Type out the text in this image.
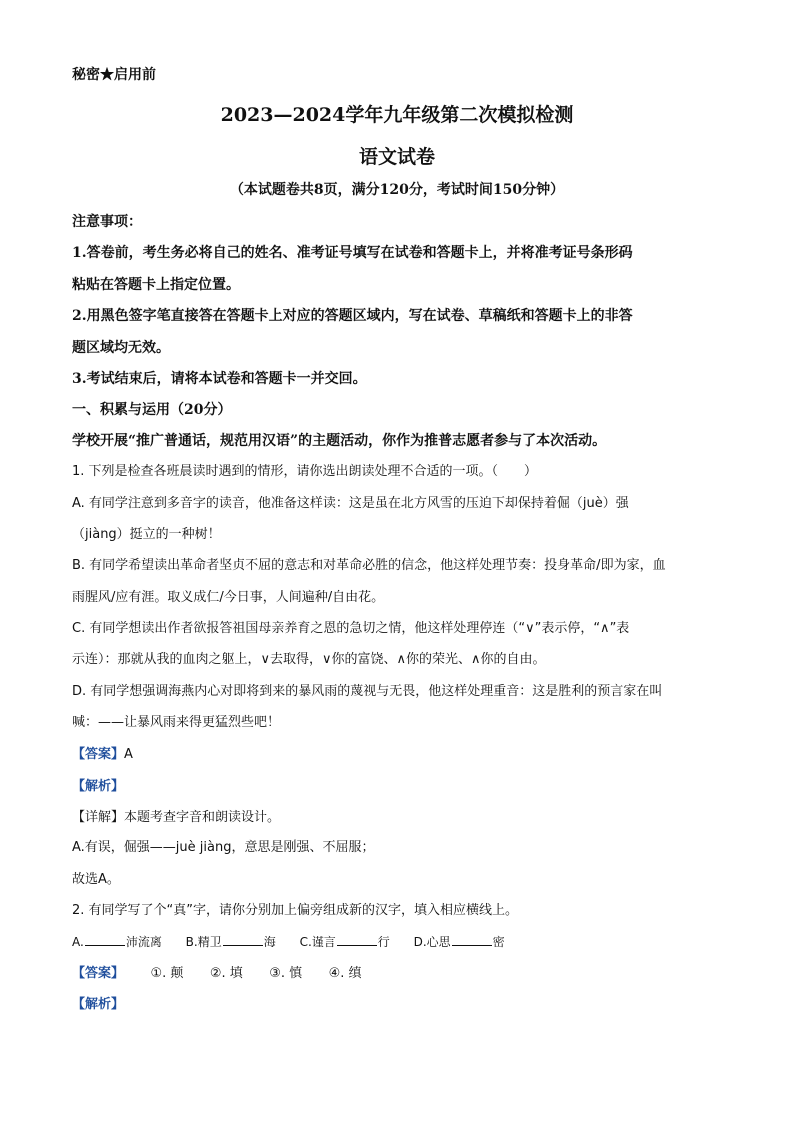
秘密★启用前
2023—2024学年九年级第二次模拟检测
语文试卷
（本试题卷共8页，满分120分，考试时间150分钟）
注意事项：
1.答卷前，考生务必将自己的姓名、准考证号填写在试卷和答题卡上，并将准考证号条形码
粘贴在答题卡上指定位置。
2.用黑色签字笔直接答在答题卡上对应的答题区域内，写在试卷、草稿纸和答题卡上的非答
题区域均无效。
3.考试结束后，请将本试卷和答题卡一并交回。
一、积累与运用（20分）
学校开展“推广普通话，规范用汉语”的主题活动，你作为推普志愿者参与了本次活动。
1. 下列是检查各班晨读时遇到的情形，请你选出朗读处理不合适的一项。（　　）
A. 有同学注意到多音字的读音，他准备这样读：这是虽在北方风雪的压迫下却保持着倔（juè）强
（jiàng）挺立的一种树！
B. 有同学希望读出革命者坚贞不屈的意志和对革命必胜的信念，他这样处理节奏：投身革命/即为家，血
雨腥风/应有涯。取义成仁/今日事，人间遍种/自由花。
C. 有同学想读出作者欲报答祖国母亲养育之恩的急切之情，他这样处理停连（“∨”表示停，“∧”表
示连）：那就从我的血肉之躯上，∨去取得，∨你的富饶、∧你的荣光、∧你的自由。
D. 有同学想强调海燕内心对即将到来的暴风雨的蔑视与无畏，他这样处理重音：这是胜利的预言家在叫
喊：——让暴风雨来得更猛烈些吧！
【答案】A
【解析】
【详解】本题考查字音和朗读设计。
A.有误，倔强——juè jiàng，意思是刚强、不屈服；
故选A。
2. 有同学写了个“真”字，请你分别加上偏旁组成新的汉字，填入相应横线上。
A.	沛流离 B.精卫	海 C.谨言	行 D.心思	密
【答案】 ①. 颠 ②. 填 ③. 慎 ④. 缜
【解析】
